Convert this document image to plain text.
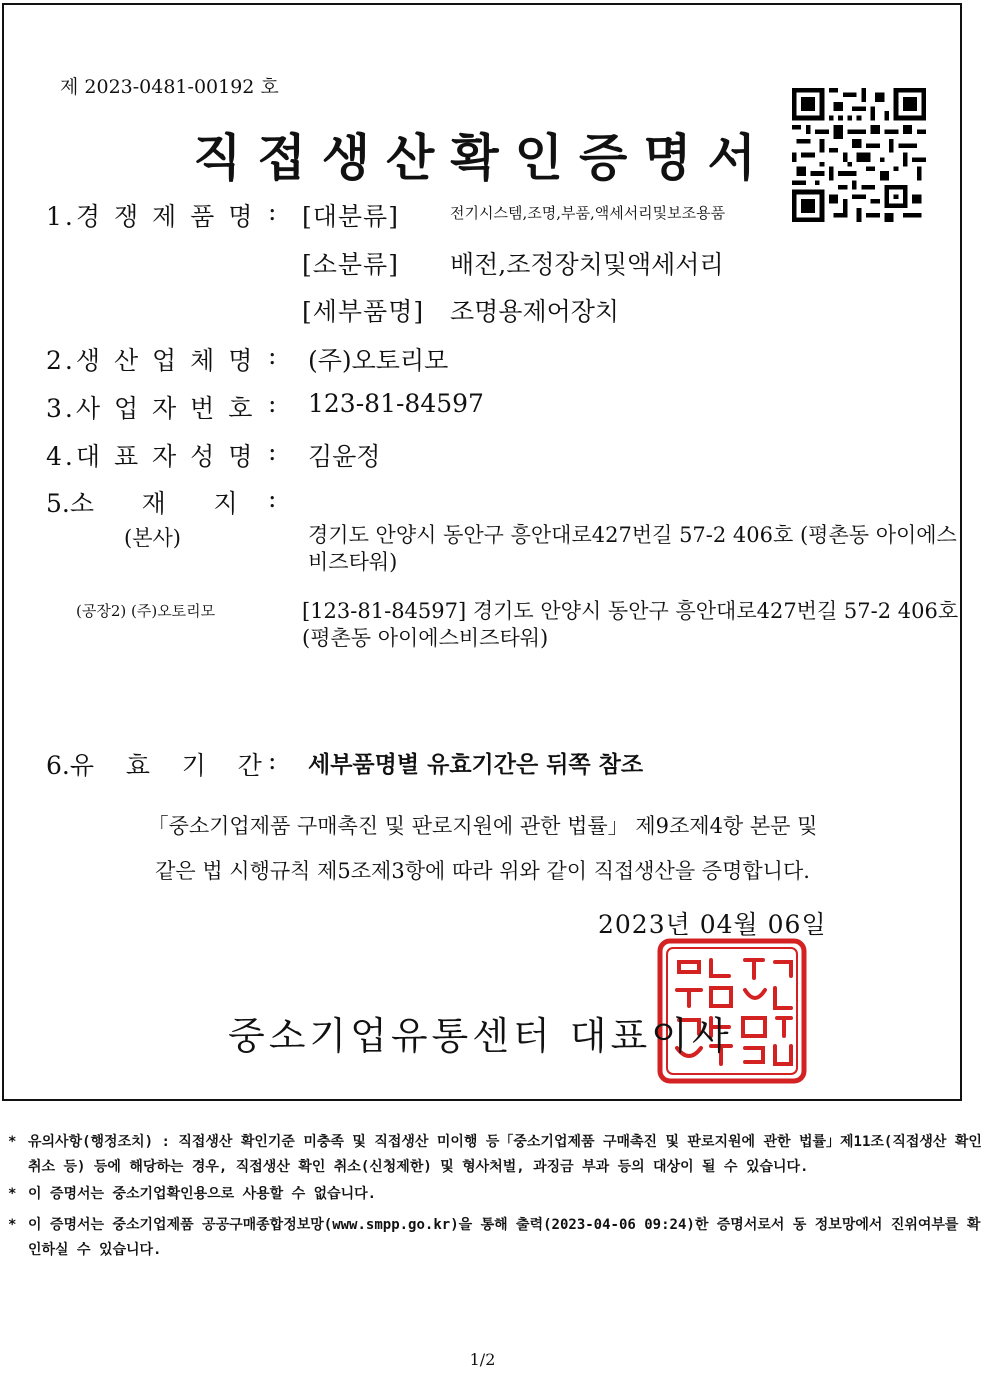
제 2023-0481-00192 호
직접생산확인증명서
1.경 쟁 제 품 명 : [대분류]	전기시스템,조명,부품,액세서리및보조용품
[소분류] 배전,조정장치및액세서리
[세부품명] 조명용제어장치
2.생 산 업 체 명 : (주)오토리모
3.사 업 자 번 호 : 123-81-84597
4.대 표 자 성 명 : 김윤정
5.소      재      지 :
(본사)	경기도 안양시 동안구 흥안대로427번길 57-2 406호 (평촌동 아이에스비즈타워)
(공장2) (주)오토리모	[123-81-84597] 경기도 안양시 동안구 흥안대로427번길 57-2 406호 (평촌동 아이에스비즈타워)
6.유    효    기    간 : 세부품명별 유효기간은 뒤쪽 참조
「중소기업제품 구매촉진 및 판로지원에 관한 법률」 제9조제4항 본문 및
같은 법 시행규칙 제5조제3항에 따라 위와 같이 직접생산을 증명합니다.
2023년 04월 06일
중소기업유통센터 대표이사
* 유의사항(행정조치) : 직접생산 확인기준 미충족 및 직접생산 미이행 등「중소기업제품 구매촉진 및 판로지원에 관한 법률」제11조(직접생산 확인 취소 등) 등에 해당하는 경우, 직접생산 확인 취소(신청제한) 및 형사처벌, 과징금 부과 등의 대상이 될 수 있습니다.
* 이 증명서는 중소기업확인용으로 사용할 수 없습니다.
* 이 증명서는 중소기업제품 공공구매종합정보망(www.smpp.go.kr)을 통해 출력(2023-04-06 09:24)한 증명서로서 동 정보망에서 진위여부를 확인하실 수 있습니다.
1/2
